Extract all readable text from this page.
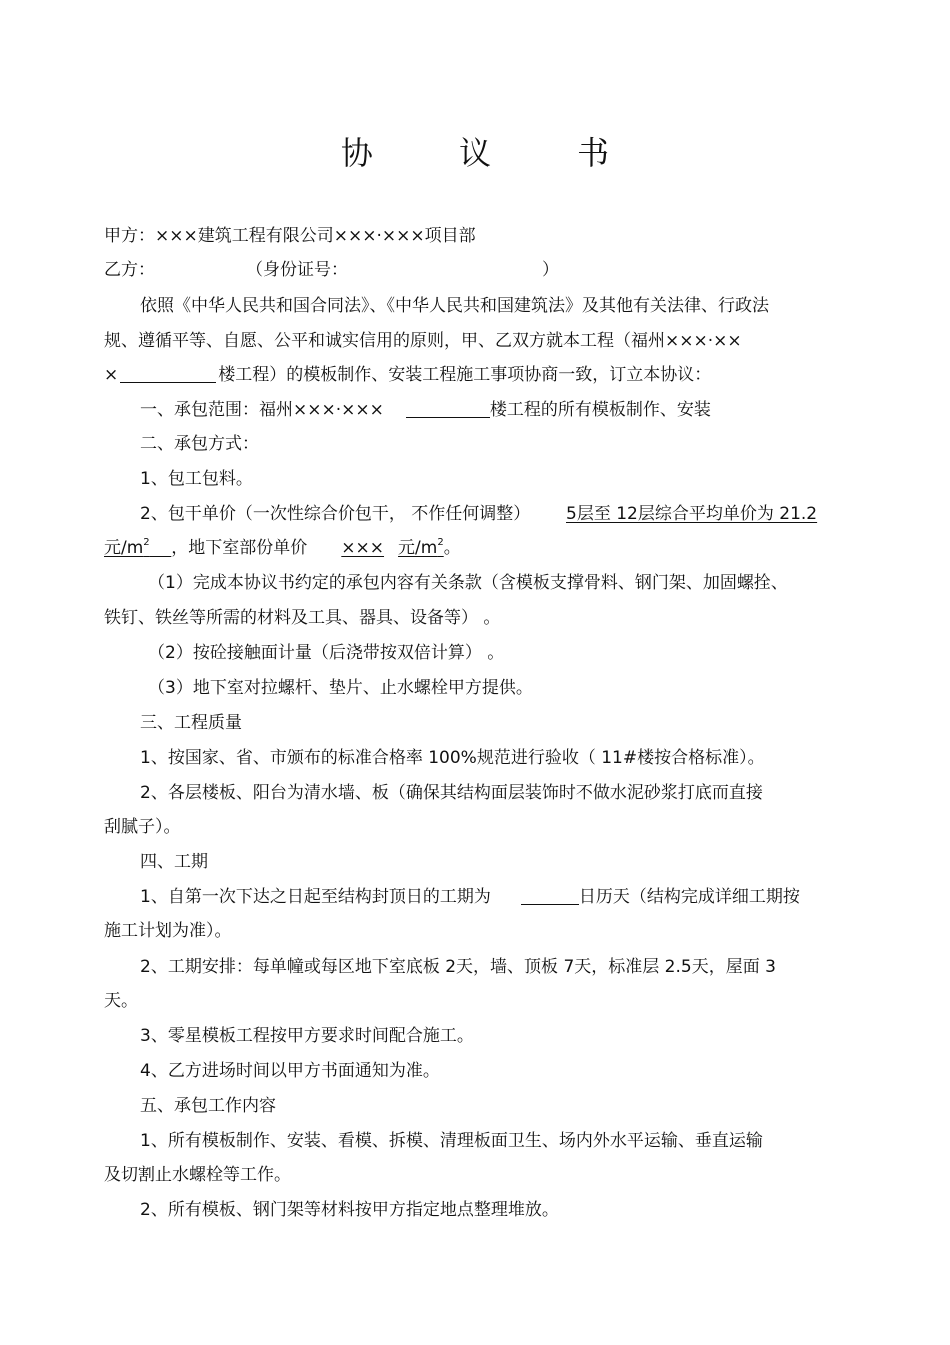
协 议 书
甲方：×××建筑工程有限公司×××·×××项目部
乙方：	（身份证号：	）
依照《中华人民共和国合同法》、《中华人民共和国建筑法》及其他有关法律、行政法
规、遵循平等、自愿、公平和诚实信用的原则，甲、乙双方就本工程（福州×××·××
×	楼工程）的模板制作、安装工程施工事项协商一致，订立本协议：
一、承包范围：福州×××·×××	楼工程的所有模板制作、安装
二、承包方式：
1、包工包料。
2、包干单价（一次性综合价包干， 不作任何调整）	5层至 12层综合平均单价为 21.2
元$/m^2$ ，地下室部份单价 ××× 元$/m^2$。
（1）完成本协议书约定的承包内容有关条款（含模板支撑骨料、钢门架、加固螺拴、
铁钉、铁丝等所需的材料及工具、器具、设备等） 。
（2）按砼接触面计量（后浇带按双倍计算） 。
（3）地下室对拉螺杆、垫片、止水螺栓甲方提供。
三、工程质量
1、按国家、省、市颁布的标准合格率 100%规范进行验收（ 11#楼按合格标准）。
2、各层楼板、阳台为清水墙、板（确保其结构面层装饰时不做水泥砂浆打底而直接
刮腻子）。
四、工期
1、自第一次下达之日起至结构封顶日的工期为	日历天（结构完成详细工期按
施工计划为准）。
2、工期安排：每单幢或每区地下室底板 2天，墙、顶板 7天，标准层 2.5天，屋面 3
天。
3、零星模板工程按甲方要求时间配合施工。
4、乙方进场时间以甲方书面通知为准。
五、承包工作内容
1、所有模板制作、安装、看模、拆模、清理板面卫生、场内外水平运输、垂直运输
及切割止水螺栓等工作。
2、所有模板、钢门架等材料按甲方指定地点整理堆放。
